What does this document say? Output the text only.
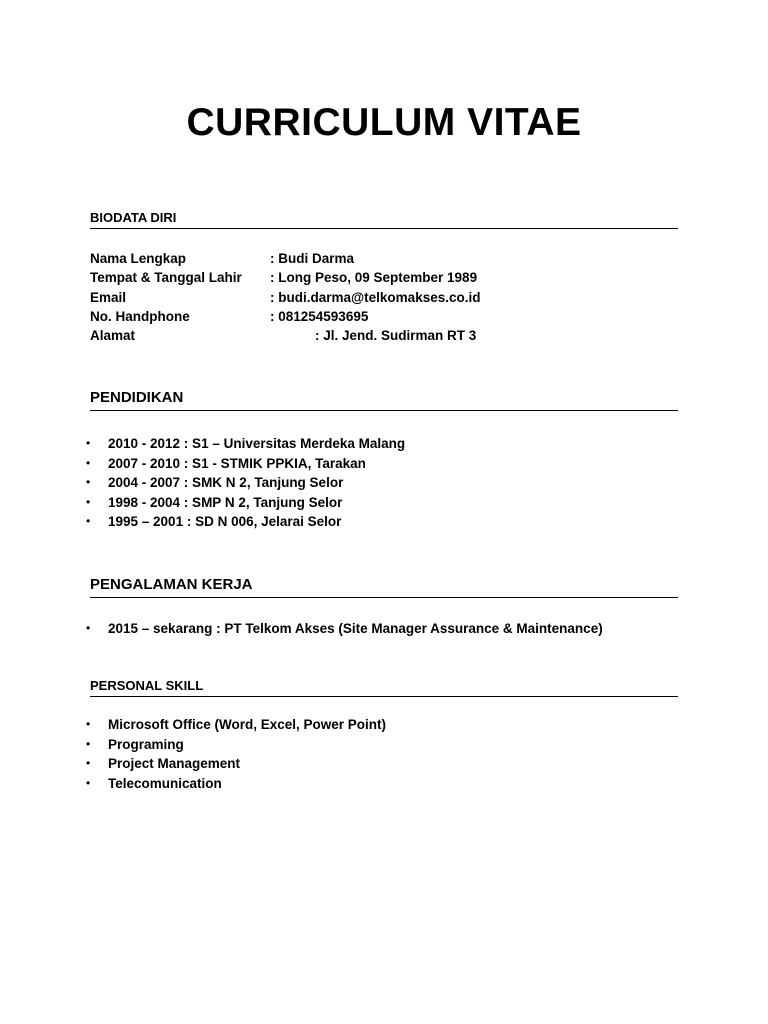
CURRICULUM VITAE
BIODATA DIRI
Nama Lengkap	: Budi Darma
Tempat & Tanggal Lahir : Long Peso, 09 September 1989
Email	: budi.darma@telkomakses.co.id
No. Handphone	: 081254593695
Alamat	: Jl. Jend. Sudirman RT 3
PENDIDIKAN
• 2010 - 2012 : S1 – Universitas Merdeka Malang
• 2007 - 2010 : S1 - STMIK PPKIA, Tarakan
• 2004 - 2007 : SMK N 2, Tanjung Selor
• 1998 - 2004 : SMP N 2, Tanjung Selor
• 1995 – 2001 : SD N 006, Jelarai Selor
PENGALAMAN KERJA
• 2015 – sekarang : PT Telkom Akses (Site Manager Assurance & Maintenance)
PERSONAL SKILL
• Microsoft Office (Word, Excel, Power Point)
• Programing
• Project Management
• Telecomunication
